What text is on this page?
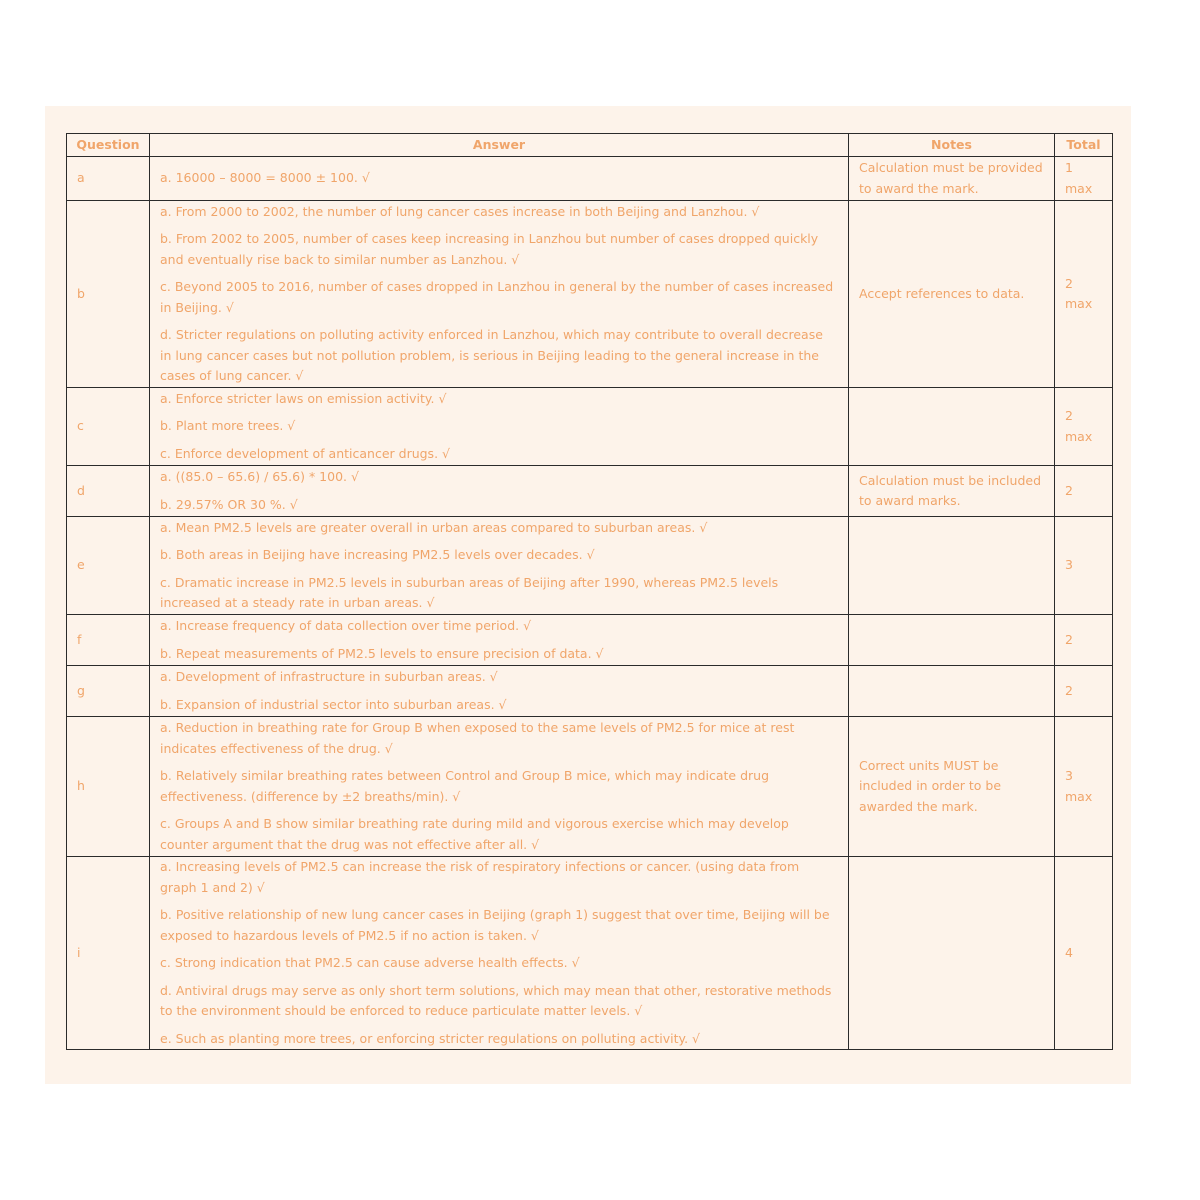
Question	Answer	Notes	Total
a	a. 16000 – 8000 = 8000 ± 100. √	Calculation must be provided to award the mark.	1 max
b	a. From 2000 to 2002, the number of lung cancer cases increase in both Beijing and Lanzhou. √

b. From 2002 to 2005, number of cases keep increasing in Lanzhou but number of cases dropped quickly and eventually rise back to similar number as Lanzhou. √

c. Beyond 2005 to 2016, number of cases dropped in Lanzhou in general by the number of cases increased in Beijing. √

d. Stricter regulations on polluting activity enforced in Lanzhou, which may contribute to overall decrease in lung cancer cases but not pollution problem, is serious in Beijing leading to the general increase in the cases of lung cancer. √	Accept references to data.	2 max
c	a. Enforce stricter laws on emission activity. √

b. Plant more trees. √

c. Enforce development of anticancer drugs. √		2 max
d	a. ((85.0 – 65.6) / 65.6) * 100. √

b. 29.57% OR 30 %. √	Calculation must be included to award marks.	2
e	a. Mean PM2.5 levels are greater overall in urban areas compared to suburban areas. √

b. Both areas in Beijing have increasing PM2.5 levels over decades. √

c. Dramatic increase in PM2.5 levels in suburban areas of Beijing after 1990, whereas PM2.5 levels increased at a steady rate in urban areas. √		3
f	a. Increase frequency of data collection over time period. √

b. Repeat measurements of PM2.5 levels to ensure precision of data. √		2
g	a. Development of infrastructure in suburban areas. √

b. Expansion of industrial sector into suburban areas. √		2
h	a. Reduction in breathing rate for Group B when exposed to the same levels of PM2.5 for mice at rest indicates effectiveness of the drug. √

b. Relatively similar breathing rates between Control and Group B mice, which may indicate drug effectiveness. (difference by ±2 breaths/min). √

c. Groups A and B show similar breathing rate during mild and vigorous exercise which may develop counter argument that the drug was not effective after all. √	Correct units MUST be included in order to be awarded the mark.	3 max
i	a. Increasing levels of PM2.5 can increase the risk of respiratory infections or cancer. (using data from graph 1 and 2) √

b. Positive relationship of new lung cancer cases in Beijing (graph 1) suggest that over time, Beijing will be exposed to hazardous levels of PM2.5 if no action is taken. √

c. Strong indication that PM2.5 can cause adverse health effects. √

d. Antiviral drugs may serve as only short term solutions, which may mean that other, restorative methods to the environment should be enforced to reduce particulate matter levels. √

e. Such as planting more trees, or enforcing stricter regulations on polluting activity. √		4
